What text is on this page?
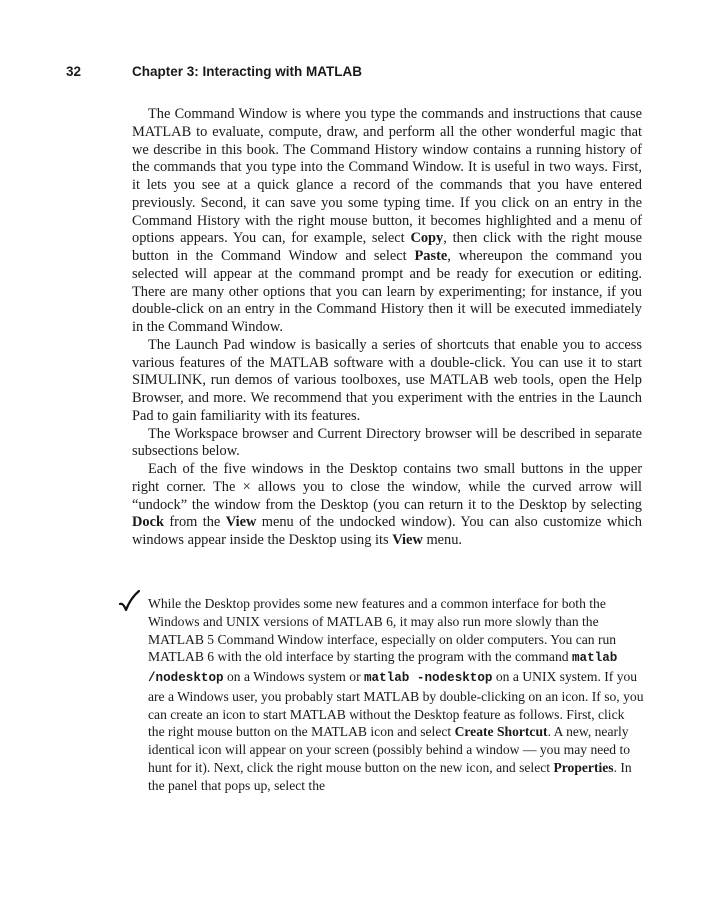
32	Chapter 3: Interacting with MATLAB

The Command Window is where you type the commands and instructions that cause MATLAB to evaluate, compute, draw, and perform all the other wonderful magic that we describe in this book. The Command History window contains a running history of the commands that you type into the Command Window. It is useful in two ways. First, it lets you see at a quick glance a record of the commands that you have entered previously. Second, it can save you some typing time. If you click on an entry in the Command History with the right mouse button, it becomes highlighted and a menu of options appears. You can, for example, select Copy, then click with the right mouse button in the Command Window and select Paste, whereupon the command you selected will appear at the command prompt and be ready for execution or editing. There are many other options that you can learn by experimenting; for instance, if you double-click on an entry in the Command History then it will be executed immediately in the Command Window.

The Launch Pad window is basically a series of shortcuts that enable you to access various features of the MATLAB software with a double-click. You can use it to start SIMULINK, run demos of various toolboxes, use MATLAB web tools, open the Help Browser, and more. We recommend that you experiment with the entries in the Launch Pad to gain familiarity with its features.

The Workspace browser and Current Directory browser will be described in separate subsections below.

Each of the five windows in the Desktop contains two small buttons in the upper right corner. The × allows you to close the window, while the curved arrow will “undock” the window from the Desktop (you can return it to the Desktop by selecting Dock from the View menu of the undocked window). You can also customize which windows appear inside the Desktop using its View menu.

While the Desktop provides some new features and a common interface for both the Windows and UNIX versions of MATLAB 6, it may also run more slowly than the MATLAB 5 Command Window interface, especially on older computers. You can run MATLAB 6 with the old interface by starting the program with the command matlab /nodesktop on a Windows system or matlab -nodesktop on a UNIX system. If you are a Windows user, you probably start MATLAB by double-clicking on an icon. If so, you can create an icon to start MATLAB without the Desktop feature as follows. First, click the right mouse button on the MATLAB icon and select Create Shortcut. A new, nearly identical icon will appear on your screen (possibly behind a window — you may need to hunt for it). Next, click the right mouse button on the new icon, and select Properties. In the panel that pops up, select the
